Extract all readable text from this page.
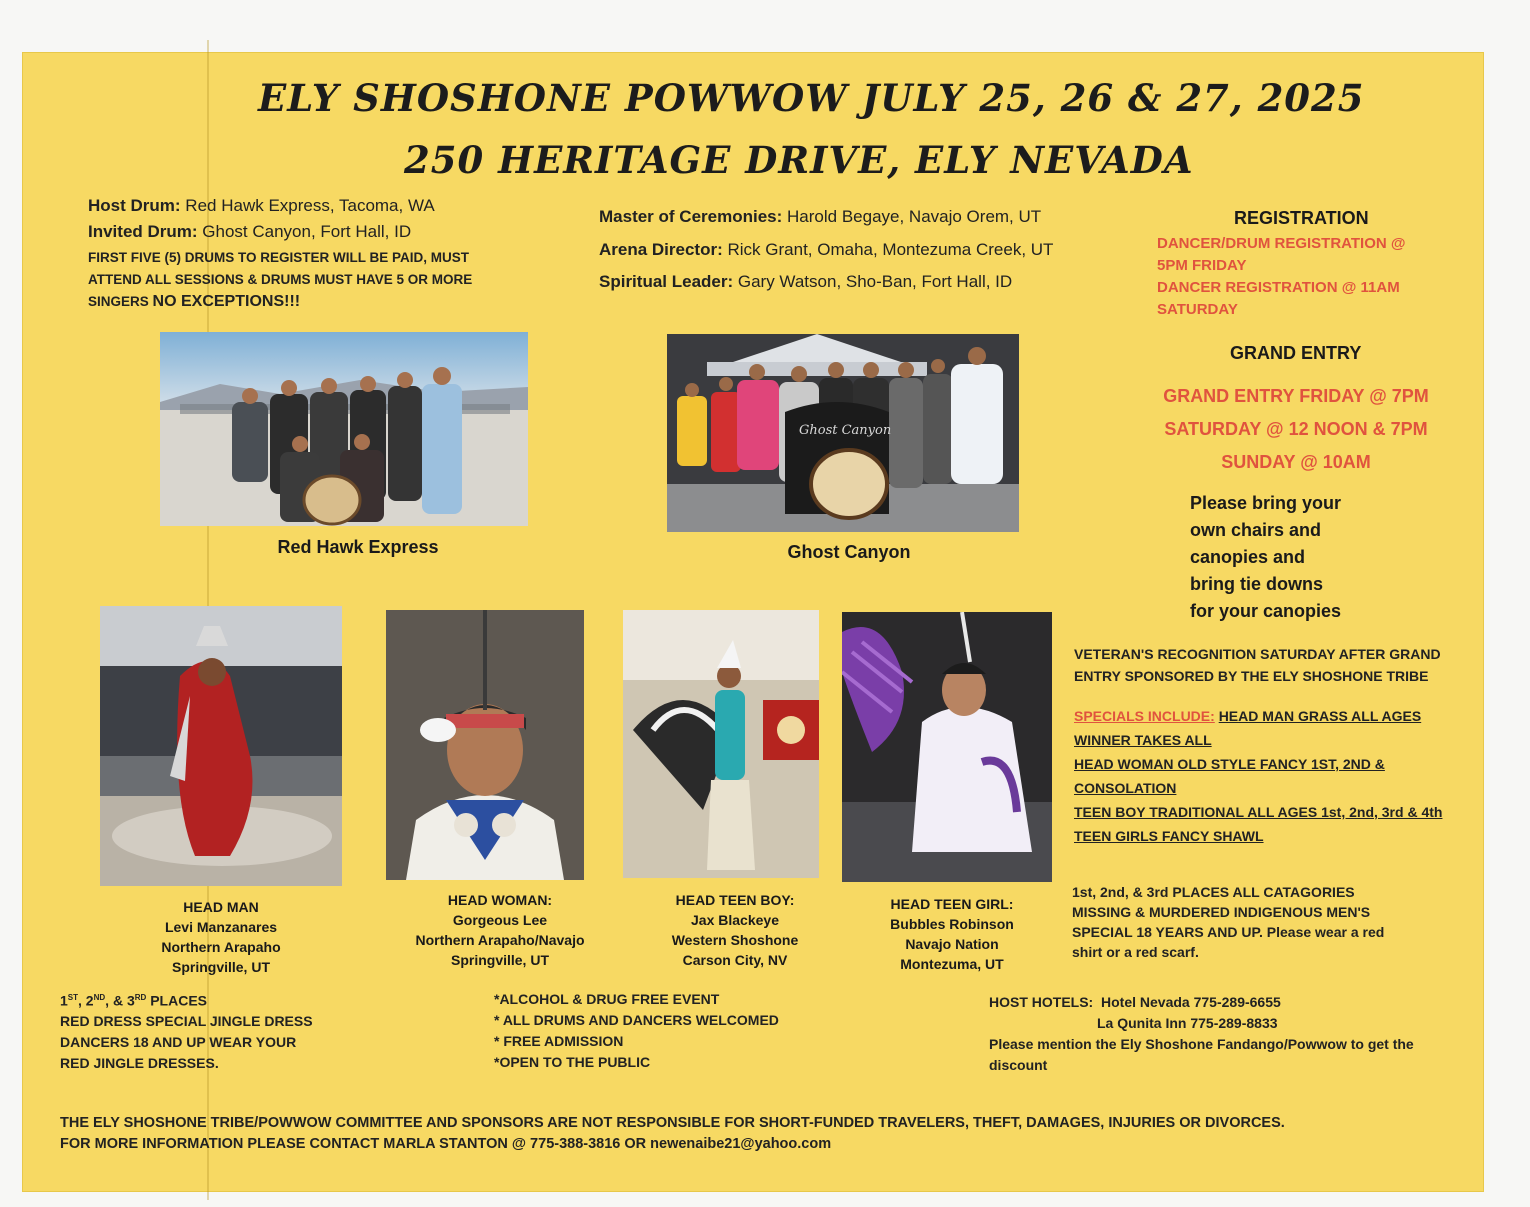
ELY SHOSHONE POWWOW JULY 25, 26 & 27, 2025
250 HERITAGE DRIVE, ELY NEVADA
Host Drum: Red Hawk Express, Tacoma, WA
Invited Drum: Ghost Canyon, Fort Hall, ID
FIRST FIVE (5) DRUMS TO REGISTER WILL BE PAID, MUST
ATTEND ALL SESSIONS & DRUMS MUST HAVE 5 OR MORE
SINGERS NO EXCEPTIONS!!!
Master of Ceremonies: Harold Begaye, Navajo Orem, UT
Arena Director: Rick Grant, Omaha, Montezuma Creek, UT
Spiritual Leader: Gary Watson, Sho-Ban, Fort Hall, ID
REGISTRATION
DANCER/DRUM REGISTRATION @
5PM FRIDAY
DANCER REGISTRATION @ 11AM
SATURDAY
GRAND ENTRY
GRAND ENTRY FRIDAY @ 7PM
SATURDAY @ 12 NOON & 7PM
SUNDAY @ 10AM
Please bring your
own chairs and
canopies and
bring tie downs
for your canopies
Red Hawk Express
Ghost Canyon
Ghost Canyon
HEAD MAN
Levi Manzanares
Northern Arapaho
Springville, UT
HEAD WOMAN:
Gorgeous Lee
Northern Arapaho/Navajo
Springville, UT
HEAD TEEN BOY:
Jax Blackeye
Western Shoshone
Carson City, NV
HEAD TEEN GIRL:
Bubbles Robinson
Navajo Nation
Montezuma, UT
VETERAN'S RECOGNITION SATURDAY AFTER GRAND
ENTRY SPONSORED BY THE ELY SHOSHONE TRIBE
SPECIALS INCLUDE: HEAD MAN GRASS ALL AGES
WINNER TAKES ALL
HEAD WOMAN OLD STYLE FANCY 1ST, 2ND &
CONSOLATION
TEEN BOY TRADITIONAL ALL AGES 1st, 2nd, 3rd & 4th
TEEN GIRLS FANCY SHAWL
1st, 2nd, & 3rd PLACES ALL CATAGORIES
MISSING & MURDERED INDIGENOUS MEN'S
SPECIAL 18 YEARS AND UP. Please wear a red
shirt or a red scarf.
1ST, 2ND, & 3RD PLACES
RED DRESS SPECIAL JINGLE DRESS
DANCERS 18 AND UP WEAR YOUR
RED JINGLE DRESSES.
*ALCOHOL & DRUG FREE EVENT
* ALL DRUMS AND DANCERS WELCOMED
* FREE ADMISSION
*OPEN TO THE PUBLIC
HOST HOTELS: Hotel Nevada 775-289-6655
La Qunita Inn 775-289-8833
Please mention the Ely Shoshone Fandango/Powwow to get the
discount
THE ELY SHOSHONE TRIBE/POWWOW COMMITTEE AND SPONSORS ARE NOT RESPONSIBLE FOR SHORT-FUNDED TRAVELERS, THEFT, DAMAGES, INJURIES OR DIVORCES.
FOR MORE INFORMATION PLEASE CONTACT MARLA STANTON @ 775-388-3816 OR newenaibe21@yahoo.com
